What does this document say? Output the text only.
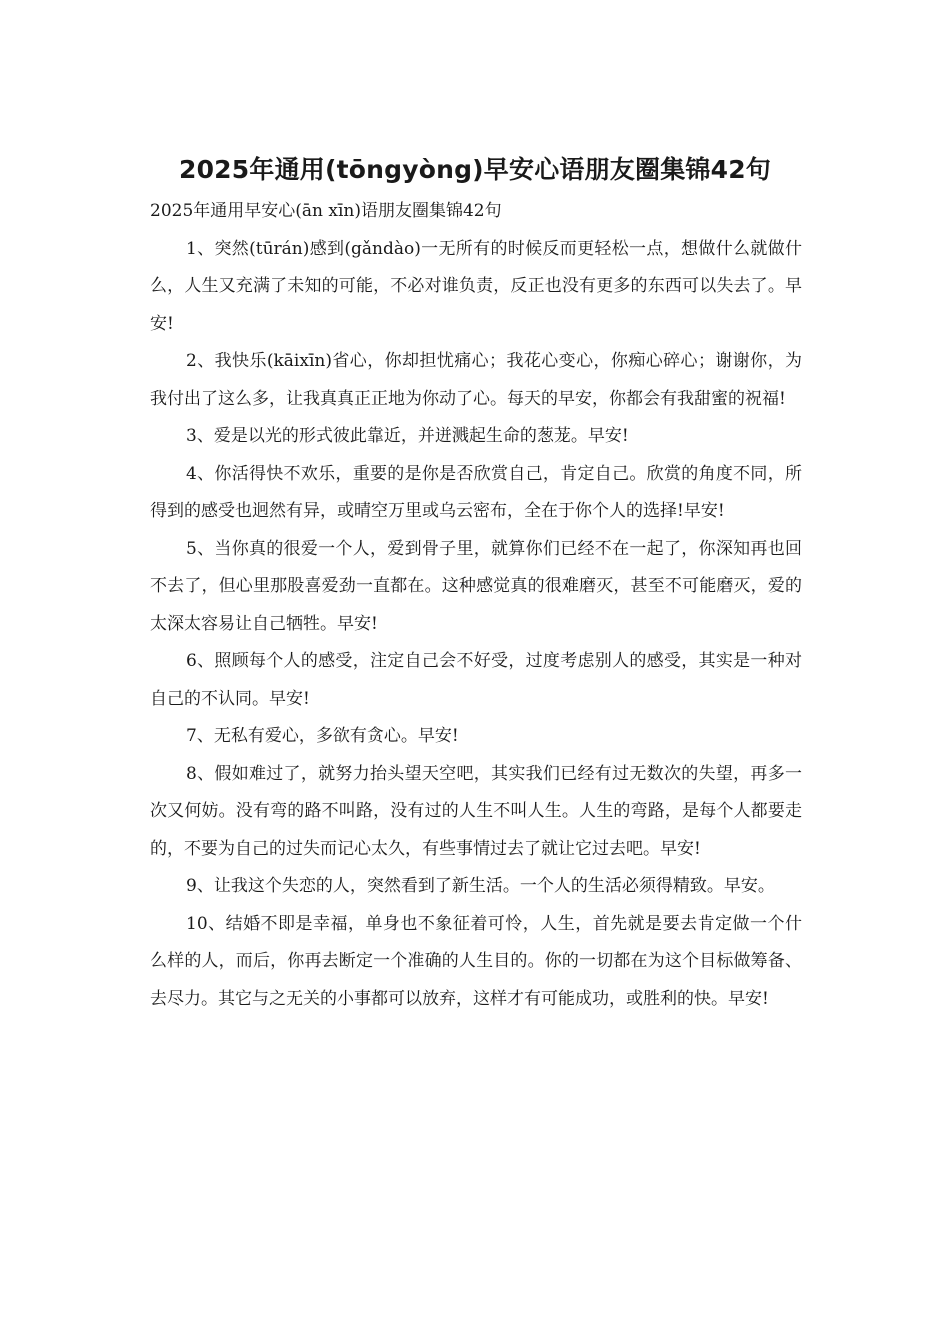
2025年通用(tōngyòng)早安心语朋友圈集锦42句

2025年通用早安心(ān xīn)语朋友圈集锦42句

1、突然(tūrán)感到(gǎndào)一无所有的时候反而更轻松一点，想做什么就做什么，人生又充满了未知的可能，不必对谁负责，反正也没有更多的东西可以失去了。早安!

2、我快乐(kāixīn)省心，你却担忧痛心；我花心变心，你痴心碎心；谢谢你，为我付出了这么多，让我真真正正地为你动了心。每天的早安，你都会有我甜蜜的祝福!

3、爱是以光的形式彼此靠近，并迸溅起生命的葱茏。早安!

4、你活得快不欢乐，重要的是你是否欣赏自己，肯定自己。欣赏的角度不同，所得到的感受也迥然有异，或晴空万里或乌云密布，全在于你个人的选择!早安!

5、当你真的很爱一个人，爱到骨子里，就算你们已经不在一起了，你深知再也回不去了，但心里那股喜爱劲一直都在。这种感觉真的很难磨灭，甚至不可能磨灭，爱的太深太容易让自己牺牲。早安!

6、照顾每个人的感受，注定自己会不好受，过度考虑别人的感受，其实是一种对自己的不认同。早安!

7、无私有爱心，多欲有贪心。早安!

8、假如难过了，就努力抬头望天空吧，其实我们已经有过无数次的失望，再多一次又何妨。没有弯的路不叫路，没有过的人生不叫人生。人生的弯路，是每个人都要走的，不要为自己的过失而记心太久，有些事情过去了就让它过去吧。早安!

9、让我这个失恋的人，突然看到了新生活。一个人的生活必须得精致。早安。

10、结婚不即是幸福，单身也不象征着可怜，人生，首先就是要去肯定做一个什么样的人，而后，你再去断定一个准确的人生目的。你的一切都在为这个目标做筹备、去尽力。其它与之无关的小事都可以放弃，这样才有可能成功，或胜利的快。早安!
